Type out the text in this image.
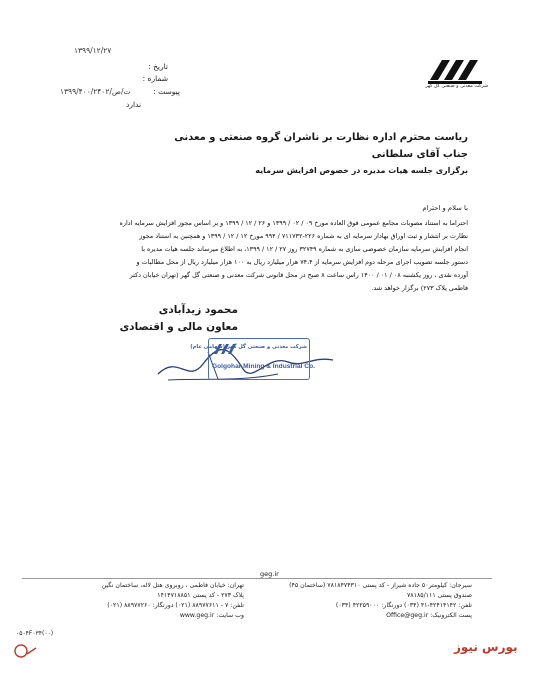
۱۳۹۹/۱۲/۲۷
تاریخ :
شماره :
پیوست :
۱۳۹۹/۴۰۰/۲۴۰۲/ت/ص
ندارد
شرکت معدنی و صنعتی گل گهر
ریاست محترم اداره نظارت بر ناشران گروه صنعتی و معدنی
جناب آقای سلطانی
برگزاری جلسه هیات مدیره در خصوص افزایش سرمایه
با سلام و احترام
احتراما به استناد مصوبات مجامع عمومی فوق العاده مورخ ۰۹ / ۰۲ / ۱۳۹۹ و ۲۶ / ۱۲ / ۱۳۹۹ و بر اساس مجوز افزایش سرمایه اداره
نظارت بر انتشار و ثبت اوراق بهادار سرمایه ای به شماره ۲۲۶-۷۱۱۷۳۲ / ۹۹۴ مورخ ۱۲ / ۱۲ / ۱۳۹۹ و همچنین به استناد مجوز
انجام افزایش سرمایه سازمان خصوصی سازی به شماره ۳۲۷۴۹ روز ۲۷ / ۱۲ / ۱۳۹۹، به اطلاع میرساند جلسه هیات مدیره با
دستور جلسه تصویب اجرای مرحله دوم افزایش سرمایه از ۷۴،۴ هزار میلیارد ریال به ۱۰۰ هزار میلیارد ریال از محل مطالبات و
آورده نقدی ، روز یکشنبه ۰۸ / ۰۱ / ۱۴۰۰ راس ساعت ۸ صبح در محل قانونی شرکت معدنی و صنعتی گل گهر (تهران خیابان دکتر
فاطمی پلاک ۲۷۳) برگزار خواهد شد.
محمود زیدآبادی
معاون مالی و اقتصادی
شرکت معدنی و صنعتی گل گهر (سهامی عام)
Golgohar Mining & Industrial Co.
geg.ir
تهران: خیابان فاطمی ، روبروی هتل لاله، ساختمان نگین
پلاک ۲۷۳ - کد پستی ۱۴۱۴۷۱۸۸۵۱
تلفن: ۷ - ۸۸۹۷۷۶۱۱ (۰۲۱) دورنگار: ۸۸۹۷۷۲۶۰ (۰۲۱)
وب سایت: www.geg.ir
سیرجان: کیلومتر۵۰ جاده شیراز - کد پستی ۷۸۱۸۴۷۴۳۱۰ (ساختمان ۴۵)
صندوق پستی ۷۸۱۸۵/۱۱۱
تلفن: ۴۲۴۱۴۱۴۲-۴۱ (۰۳۴) دورنگار: ۴۲۲۵۹۰۰۰ (۰۳۴)
پست الکترونیک: Office@geg.ir
۰۵۰۴F۰۳۴(۰۰)
بورس نیوز
